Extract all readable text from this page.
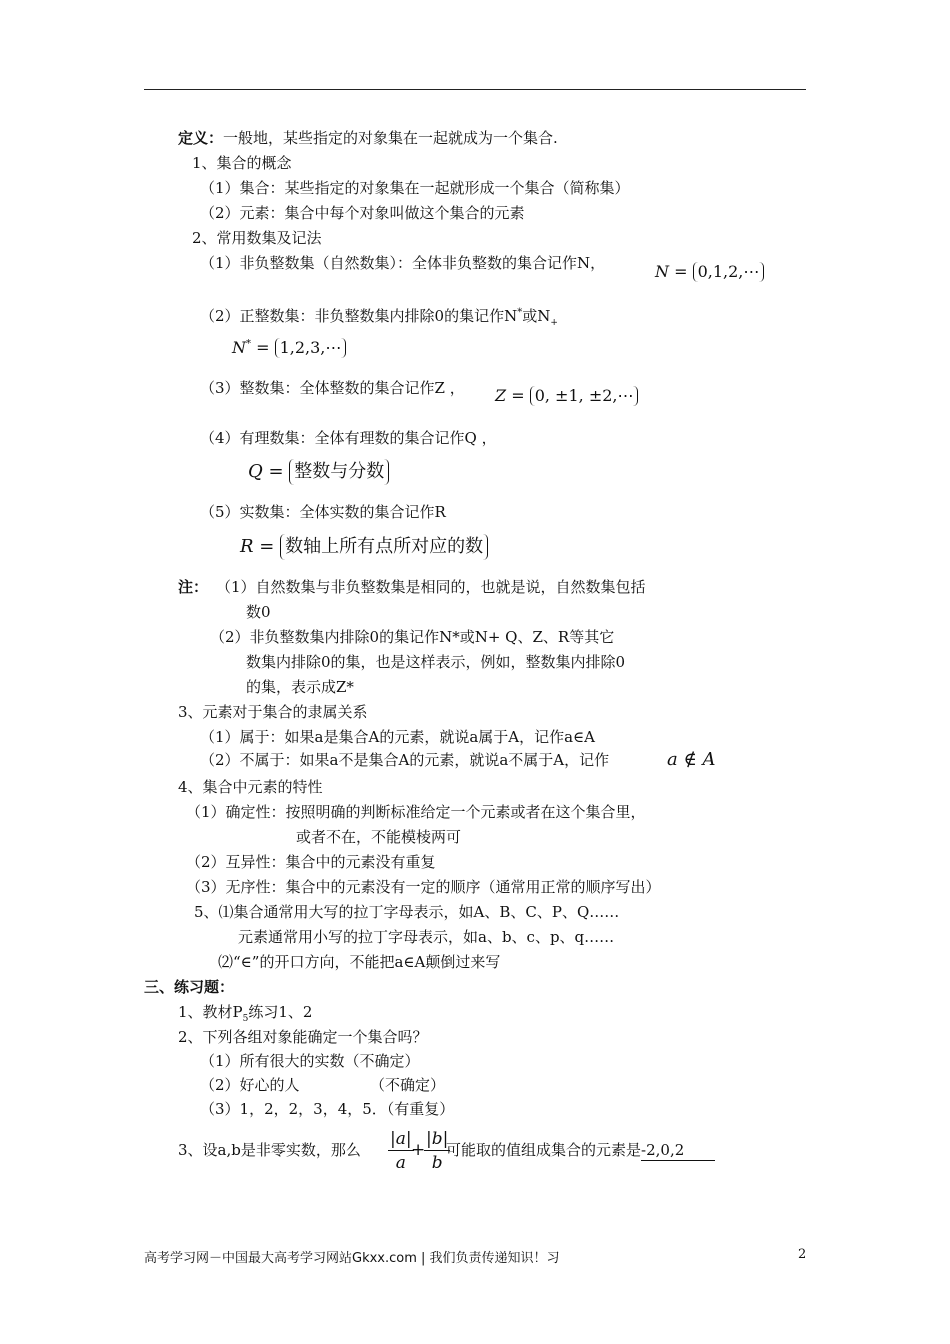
定义：一般地，某些指定的对象集在一起就成为一个集合.
1、集合的概念
（1）集合：某些指定的对象集在一起就形成一个集合（简称集）
（2）元素：集合中每个对象叫做这个集合的元素
2、常用数集及记法
（1）非负整数集（自然数集）：全体非负整数的集合记作N，	N = 0,1,2,⋯
（2）正整数集：非负整数集内排除0的集记作N*或$N_+$
N* = 1,2,3,⋯
（3）整数集：全体整数的集合记作Z ， Z = 0, ±1, ±2,⋯
（4）有理数集：全体有理数的集合记作Q ，
Q = 整数与分数
（5）实数集：全体实数的集合记作R
R = 数轴上所有点所对应的数
注： （1）自然数集与非负整数集是相同的，也就是说，自然数集包括
数0
（2）非负整数集内排除0的集记作N*或N+ Q、Z、R等其它
数集内排除0的集，也是这样表示，例如，整数集内排除0
的集，表示成Z*
3、元素对于集合的隶属关系
（1）属于：如果a是集合A的元素，就说a属于A，记作a∈A
（2）不属于：如果a不是集合A的元素，就说a不属于A，记作	a ∉ A
4、集合中元素的特性
（1）确定性：按照明确的判断标准给定一个元素或者在这个集合里，
或者不在，不能模棱两可
（2）互异性：集合中的元素没有重复
（3）无序性：集合中的元素没有一定的顺序（通常用正常的顺序写出）
5、⑴集合通常用大写的拉丁字母表示，如A、B、C、P、Q……
元素通常用小写的拉丁字母表示，如a、b、c、p、q……
⑵“∈”的开口方向，不能把a∈A颠倒过来写
三、练习题：
1、教材$P_5$练习1、2
2、下列各组对象能确定一个集合吗？
（1）所有很大的实数（不确定）
（2）好心的人	（不确定）
（3）1，2，2，3，4，5．（有重复）
3、设a,b是非零实数，那么 $\frac{|a|}{a}$
+
$\frac{|b|}{b}$
可能取的值组成集合的元素是-2,0,2
高考学习网－中国最大高考学习网站Gkxx.com | 我们负责传递知识！习	2
